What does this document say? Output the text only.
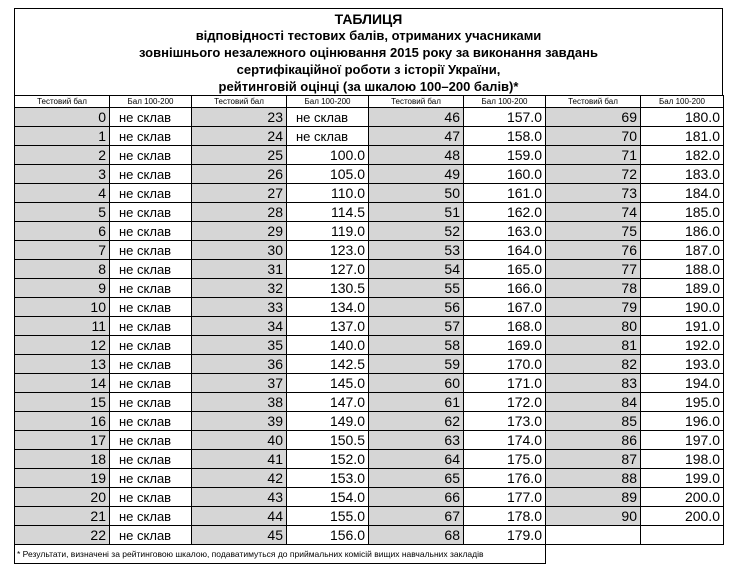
ТАБЛИЦЯ
відповідності тестових балів, отриманих учасниками
зовнішнього незалежного оцінювання 2015 року за виконання завдань
сертифікаційної роботи з історії України,
рейтинговій оцінці (за шкалою 100–200 балів)*
Тестовий бал	Бал 100-200	Тестовий бал	Бал 100-200	Тестовий бал	Бал 100-200	Тестовий бал	Бал 100-200
0	не склав	23	не склав	46	157.0	69	180.0
1	не склав	24	не склав	47	158.0	70	181.0
2	не склав	25	100.0	48	159.0	71	182.0
3	не склав	26	105.0	49	160.0	72	183.0
4	не склав	27	110.0	50	161.0	73	184.0
5	не склав	28	114.5	51	162.0	74	185.0
6	не склав	29	119.0	52	163.0	75	186.0
7	не склав	30	123.0	53	164.0	76	187.0
8	не склав	31	127.0	54	165.0	77	188.0
9	не склав	32	130.5	55	166.0	78	189.0
10	не склав	33	134.0	56	167.0	79	190.0
11	не склав	34	137.0	57	168.0	80	191.0
12	не склав	35	140.0	58	169.0	81	192.0
13	не склав	36	142.5	59	170.0	82	193.0
14	не склав	37	145.0	60	171.0	83	194.0
15	не склав	38	147.0	61	172.0	84	195.0
16	не склав	39	149.0	62	173.0	85	196.0
17	не склав	40	150.5	63	174.0	86	197.0
18	не склав	41	152.0	64	175.0	87	198.0
19	не склав	42	153.0	65	176.0	88	199.0
20	не склав	43	154.0	66	177.0	89	200.0
21	не склав	44	155.0	67	178.0	90	200.0
22	не склав	45	156.0	68	179.0		
* Результати, визначені за рейтинговою шкалою, подаватимуться до приймальних комісій вищих навчальних закладів							
